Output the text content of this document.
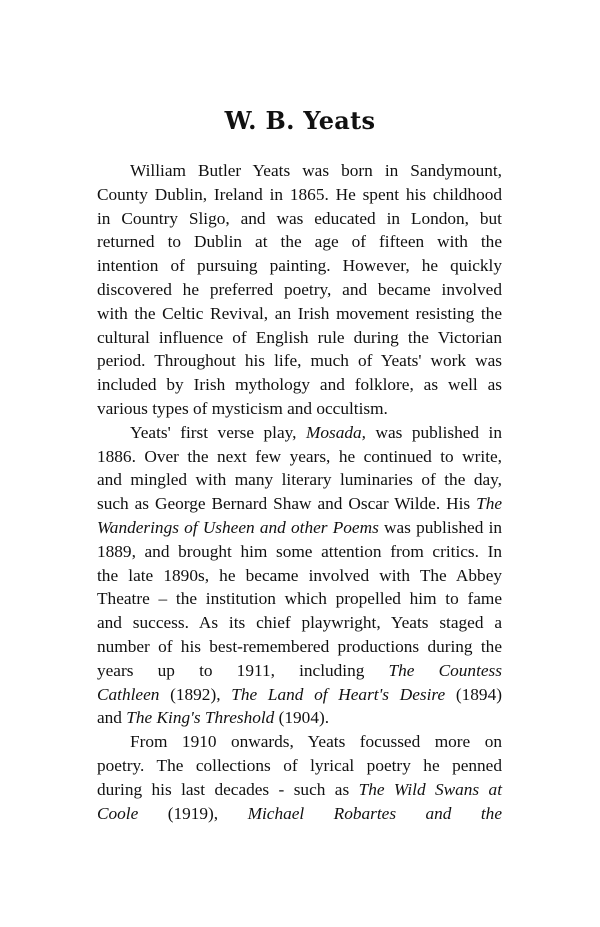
W. B. Yeats
William Butler Yeats was born in Sandymount,
County Dublin, Ireland in 1865. He spent his childhood
in Country Sligo, and was educated in London, but
returned to Dublin at the age of fifteen with the
intention of pursuing painting. However, he quickly
discovered he preferred poetry, and became involved
with the Celtic Revival, an Irish movement resisting the
cultural influence of English rule during the Victorian
period. Throughout his life, much of Yeats' work was
included by Irish mythology and folklore, as well as
various types of mysticism and occultism.
Yeats' first verse play, Mosada, was published in
1886. Over the next few years, he continued to write,
and mingled with many literary luminaries of the day,
such as George Bernard Shaw and Oscar Wilde. His The
Wanderings of Usheen and other Poems was published in
1889, and brought him some attention from critics. In
the late 1890s, he became involved with The Abbey
Theatre – the institution which propelled him to fame
and success. As its chief playwright, Yeats staged a
number of his best-remembered productions during the
years up to 1911, including The Countess
Cathleen (1892), The Land of Heart's Desire (1894)
and The King's Threshold (1904).
From 1910 onwards, Yeats focussed more on
poetry. The collections of lyrical poetry he penned
during his last decades - such as The Wild Swans at
Coole (1919), Michael Robartes and the
